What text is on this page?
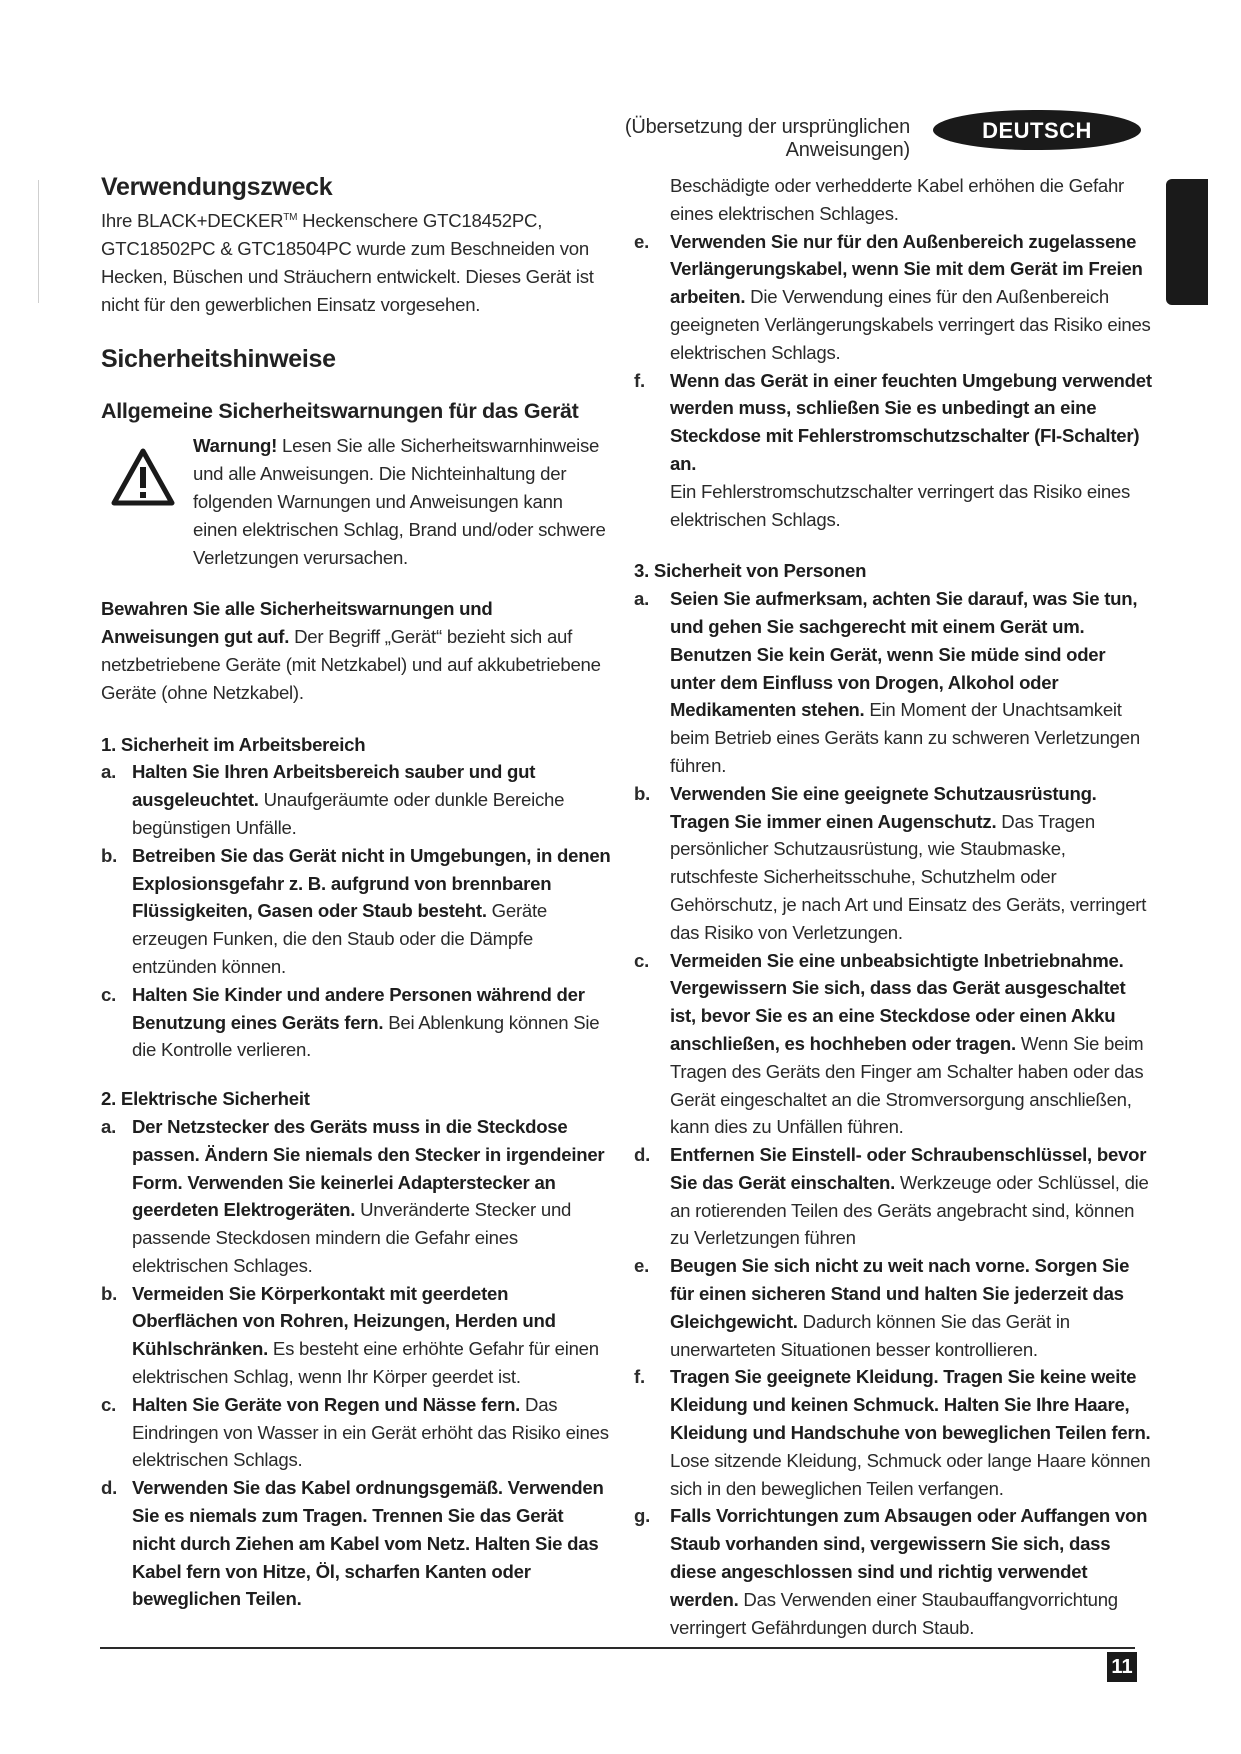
(Übersetzung der ursprünglichen Anweisungen)
DEUTSCH
Verwendungszweck

Ihre BLACK+DECKER™ Heckenschere GTC18452PC, GTC18502PC & GTC18504PC wurde zum Beschneiden von Hecken, Büschen und Sträuchern entwickelt. Dieses Gerät ist nicht für den gewerblichen Einsatz vorgesehen.

Sicherheitshinweise
Allgemeine Sicherheitswarnungen für das Gerät

Warnung! Lesen Sie alle Sicherheitswarnhinweise und alle Anweisungen. Die Nichteinhaltung der folgenden Warnungen und Anweisungen kann einen elektrischen Schlag, Brand und/oder schwere Verletzungen verursachen.

Bewahren Sie alle Sicherheitswarnungen und Anweisungen gut auf. Der Begriff „Gerät“ bezieht sich auf netzbetriebene Geräte (mit Netzkabel) und auf akkubetriebene Geräte (ohne Netzkabel).

1. Sicherheit im Arbeitsbereich

a. Halten Sie Ihren Arbeitsbereich sauber und gut ausgeleuchtet. Unaufgeräumte oder dunkle Bereiche begünstigen Unfälle.
b. Betreiben Sie das Gerät nicht in Umgebungen, in denen Explosionsgefahr z. B. aufgrund von brennbaren Flüssigkeiten, Gasen oder Staub besteht. Geräte erzeugen Funken, die den Staub oder die Dämpfe entzünden können.
c. Halten Sie Kinder und andere Personen während der Benutzung eines Geräts fern. Bei Ablenkung können Sie die Kontrolle verlieren.

2. Elektrische Sicherheit

a. Der Netzstecker des Geräts muss in die Steckdose passen. Ändern Sie niemals den Stecker in irgendeiner Form. Verwenden Sie keinerlei Adapterstecker an geerdeten Elektrogeräten. Unveränderte Stecker und passende Steckdosen mindern die Gefahr eines elektrischen Schlages.
b. Vermeiden Sie Körperkontakt mit geerdeten Oberflächen von Rohren, Heizungen, Herden und Kühlschränken. Es besteht eine erhöhte Gefahr für einen elektrischen Schlag, wenn Ihr Körper geerdet ist.
c. Halten Sie Geräte von Regen und Nässe fern. Das Eindringen von Wasser in ein Gerät erhöht das Risiko eines elektrischen Schlags.
d. Verwenden Sie das Kabel ordnungsgemäß. Verwenden Sie es niemals zum Tragen. Trennen Sie das Gerät nicht durch Ziehen am Kabel vom Netz. Halten Sie das Kabel fern von Hitze, Öl, scharfen Kanten oder beweglichen Teilen.

Beschädigte oder verhedderte Kabel erhöhen die Gefahr eines elektrischen Schlages.

e. Verwenden Sie nur für den Außenbereich zugelassene Verlängerungskabel, wenn Sie mit dem Gerät im Freien arbeiten. Die Verwendung eines für den Außenbereich geeigneten Verlängerungskabels verringert das Risiko eines elektrischen Schlags.
f. Wenn das Gerät in einer feuchten Umgebung verwendet werden muss, schließen Sie es unbedingt an eine Steckdose mit Fehlerstromschutzschalter (FI-Schalter) an.
Ein Fehlerstromschutzschalter verringert das Risiko eines elektrischen Schlags.

3. Sicherheit von Personen

a. Seien Sie aufmerksam, achten Sie darauf, was Sie tun, und gehen Sie sachgerecht mit einem Gerät um. Benutzen Sie kein Gerät, wenn Sie müde sind oder unter dem Einfluss von Drogen, Alkohol oder Medikamenten stehen. Ein Moment der Unachtsamkeit beim Betrieb eines Geräts kann zu schweren Verletzungen führen.
b. Verwenden Sie eine geeignete Schutzausrüstung. Tragen Sie immer einen Augenschutz. Das Tragen persönlicher Schutzausrüstung, wie Staubmaske, rutschfeste Sicherheitsschuhe, Schutzhelm oder Gehörschutz, je nach Art und Einsatz des Geräts, verringert das Risiko von Verletzungen.
c. Vermeiden Sie eine unbeabsichtigte Inbetriebnahme. Vergewissern Sie sich, dass das Gerät ausgeschaltet ist, bevor Sie es an eine Steckdose oder einen Akku anschließen, es hochheben oder tragen. Wenn Sie beim Tragen des Geräts den Finger am Schalter haben oder das Gerät eingeschaltet an die Stromversorgung anschließen, kann dies zu Unfällen führen.
d. Entfernen Sie Einstell- oder Schraubenschlüssel, bevor Sie das Gerät einschalten. Werkzeuge oder Schlüssel, die an rotierenden Teilen des Geräts angebracht sind, können zu Verletzungen führen
e. Beugen Sie sich nicht zu weit nach vorne. Sorgen Sie für einen sicheren Stand und halten Sie jederzeit das Gleichgewicht. Dadurch können Sie das Gerät in unerwarteten Situationen besser kontrollieren.
f. Tragen Sie geeignete Kleidung. Tragen Sie keine weite Kleidung und keinen Schmuck. Halten Sie Ihre Haare, Kleidung und Handschuhe von beweglichen Teilen fern. Lose sitzende Kleidung, Schmuck oder lange Haare können sich in den beweglichen Teilen verfangen.
g. Falls Vorrichtungen zum Absaugen oder Auffangen von Staub vorhanden sind, vergewissern Sie sich, dass diese angeschlossen sind und richtig verwendet werden. Das Verwenden einer Staubauffangvorrichtung verringert Gefährdungen durch Staub.
11
